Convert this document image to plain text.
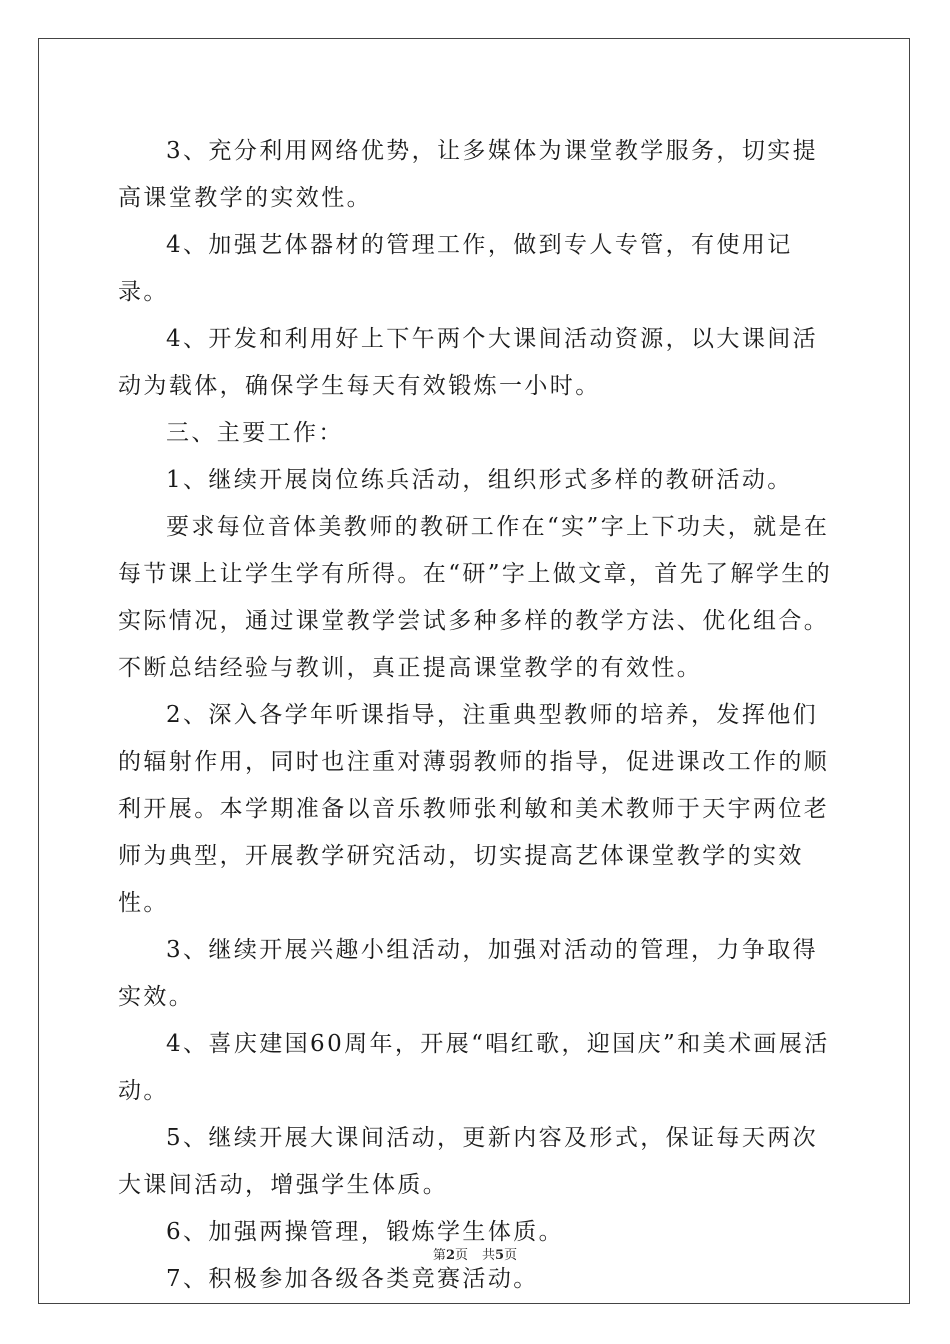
3、充分利用网络优势，让多媒体为课堂教学服务，切实提高课堂教学的实效性。

4、加强艺体器材的管理工作，做到专人专管，有使用记录。

4、开发和利用好上下午两个大课间活动资源，以大课间活动为载体，确保学生每天有效锻炼一小时。

三、主要工作：

1、继续开展岗位练兵活动，组织形式多样的教研活动。

要求每位音体美教师的教研工作在“实”字上下功夫，就是在每节课上让学生学有所得。在“研”字上做文章，首先了解学生的实际情况，通过课堂教学尝试多种多样的教学方法、优化组合。不断总结经验与教训，真正提高课堂教学的有效性。

2、深入各学年听课指导，注重典型教师的培养，发挥他们的辐射作用，同时也注重对薄弱教师的指导，促进课改工作的顺利开展。本学期准备以音乐教师张利敏和美术教师于天宇两位老师为典型，开展教学研究活动，切实提高艺体课堂教学的实效性。

3、继续开展兴趣小组活动，加强对活动的管理，力争取得实效。

4、喜庆建国60周年，开展“唱红歌，迎国庆”和美术画展活动。

5、继续开展大课间活动，更新内容及形式，保证每天两次大课间活动，增强学生体质。

6、加强两操管理，锻炼学生体质。

7、积极参加各级各类竞赛活动。

第2页 共5页
